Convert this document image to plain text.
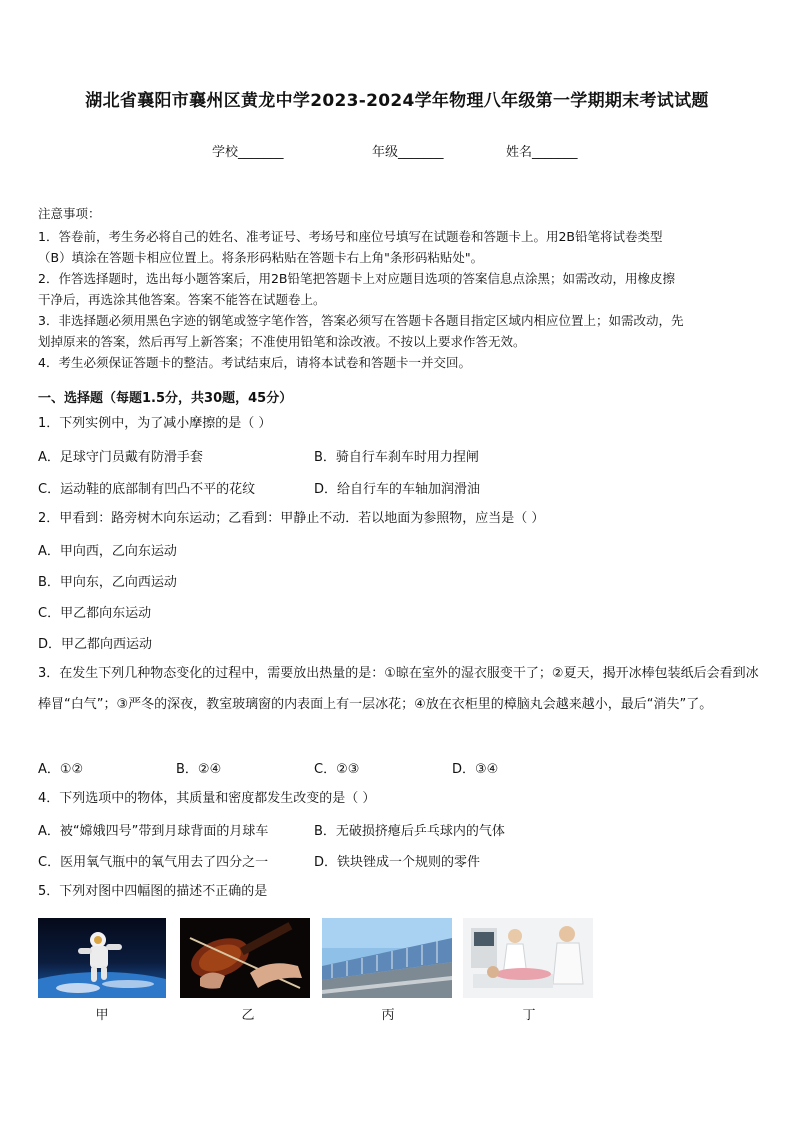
湖北省襄阳市襄州区黄龙中学2023-2024学年物理八年级第一学期期末考试试题
学校_______	年级_______	姓名_______

注意事项：

1．答卷前，考生务必将自己的姓名、准考证号、考场号和座位号填写在试题卷和答题卡上。用2B铅笔将试卷类型

（B）填涂在答题卡相应位置上。将条形码粘贴在答题卡右上角"条形码粘贴处"。

2．作答选择题时，选出每小题答案后，用2B铅笔把答题卡上对应题目选项的答案信息点涂黑；如需改动，用橡皮擦

干净后，再选涂其他答案。答案不能答在试题卷上。

3．非选择题必须用黑色字迹的钢笔或签字笔作答，答案必须写在答题卡各题目指定区域内相应位置上；如需改动，先

划掉原来的答案，然后再写上新答案；不准使用铅笔和涂改液。不按以上要求作答无效。

4．考生必须保证答题卡的整洁。考试结束后，请将本试卷和答题卡一并交回。

一、选择题（每题1.5分，共30题，45分）
1．下列实例中，为了减小摩擦的是（ ）
A．足球守门员戴有防滑手套	B．骑自行车刹车时用力捏闸
C．运动鞋的底部制有凹凸不平的花纹	D．给自行车的车轴加润滑油
2．甲看到：路旁树木向东运动；乙看到：甲静止不动．若以地面为参照物，应当是（ ）
A．甲向西，乙向东运动
B．甲向东，乙向西运动
C．甲乙都向东运动
D．甲乙都向西运动
3．在发生下列几种物态变化的过程中，需要放出热量的是：①晾在室外的湿衣服变干了；②夏天，揭开冰棒包装纸后会看到冰棒冒“白气”；③严冬的深夜，教室玻璃窗的内表面上有一层冰花；④放在衣柜里的樟脑丸会越来越小，最后“消失”了。
A．①②	B．②④	C．②③	D．③④
4．下列选项中的物体，其质量和密度都发生改变的是（ ）
A．被“嫦娥四号”带到月球背面的月球车	B．无破损挤瘪后乒乓球内的气体
C．医用氧气瓶中的氧气用去了四分之一	D．铁块锉成一个规则的零件
5．下列对图中四幅图的描述不正确的是
甲	乙	丙	丁
